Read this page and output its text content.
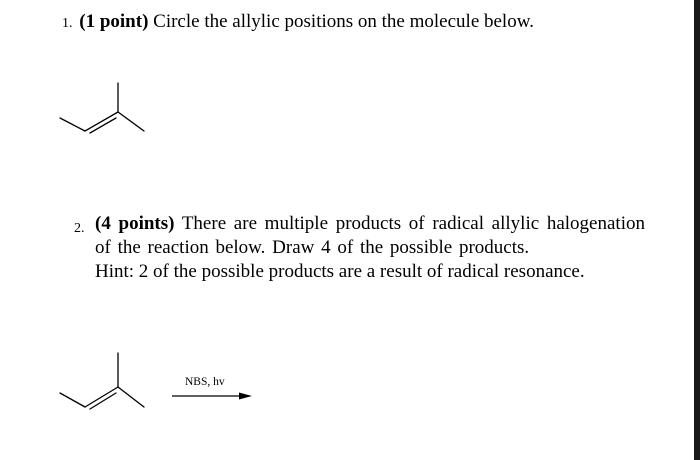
1. (1 point) Circle the allylic positions on the molecule below.
2. (4 points) There are multiple products of radical allylic halogenation of the reaction below. Draw 4 of the possible products.
Hint: 2 of the possible products are a result of radical resonance.
NBS, hv
